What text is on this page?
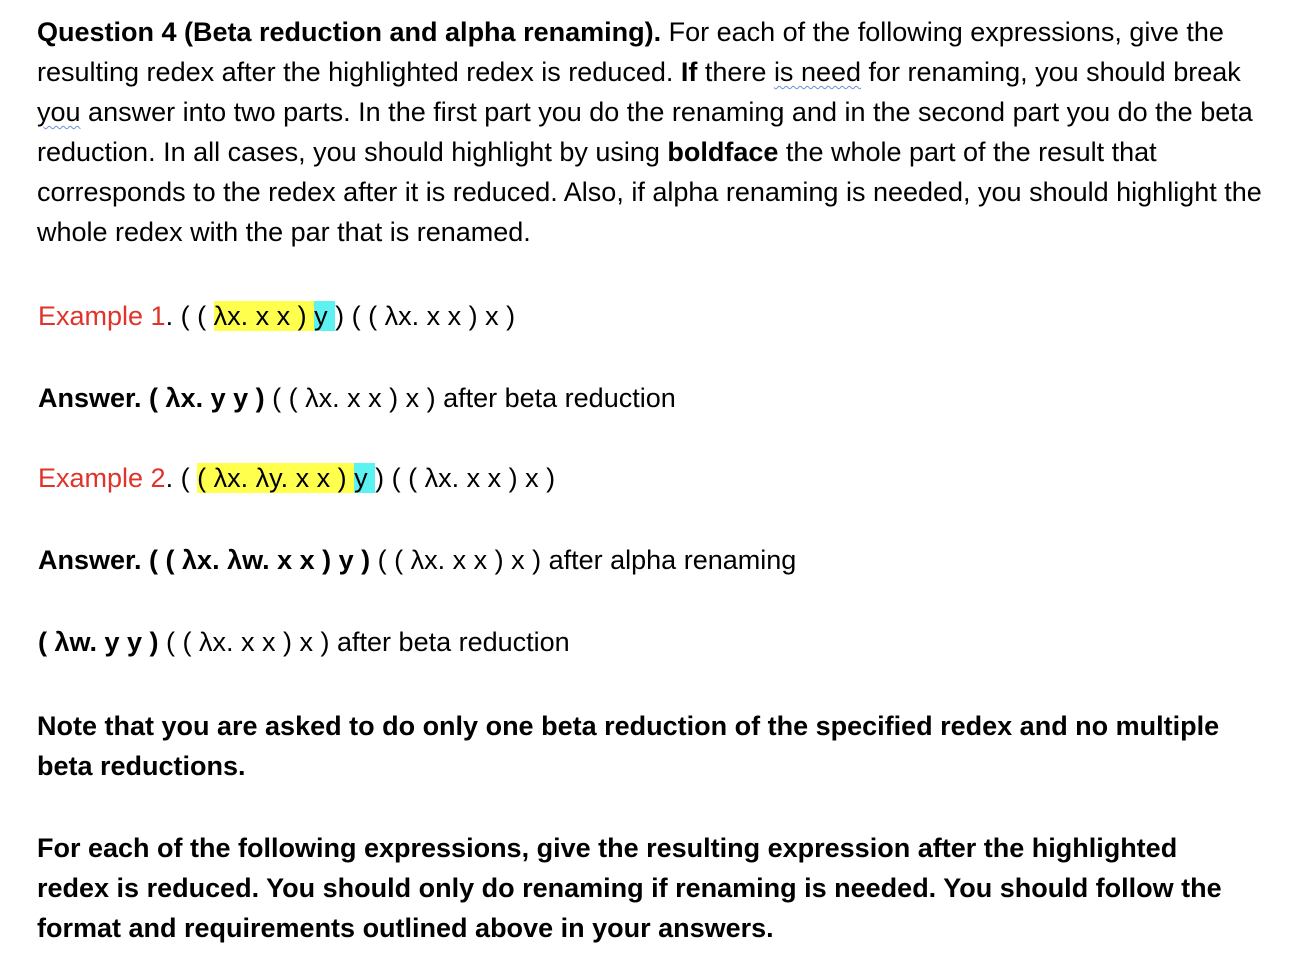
Question 4 (Beta reduction and alpha renaming). For each of the following expressions, give the resulting redex after the highlighted redex is reduced. If there is need for renaming, you should break you answer into two parts. In the first part you do the renaming and in the second part you do the beta reduction. In all cases, you should highlight by using boldface the whole part of the result that corresponds to the redex after it is reduced. Also, if alpha renaming is needed, you should highlight the whole redex with the par that is renamed.

Example 1. ( ( λx. x x ) y ) ( ( λx. x x ) x )

Answer. ( λx. y y ) ( ( λx. x x ) x ) after beta reduction

Example 2. ( ( λx. λy. x x ) y ) ( ( λx. x x ) x )

Answer. ( ( λx. λw. x x ) y ) ( ( λx. x x ) x ) after alpha renaming

( λw. y y ) ( ( λx. x x ) x ) after beta reduction

Note that you are asked to do only one beta reduction of the specified redex and no multiple beta reductions.

For each of the following expressions, give the resulting expression after the highlighted redex is reduced. You should only do renaming if renaming is needed. You should follow the format and requirements outlined above in your answers.
